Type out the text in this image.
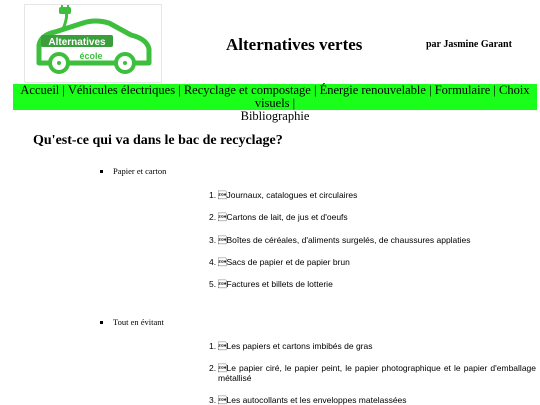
Alternatives
école
Alternatives vertes	par Jasmine Garant
Accueil | Véhicules électriques | Recyclage et compostage | Énergie renouvelable | Formulaire | Choix visuels |
Bibliographie
Qu'est-ce qui va dans le bac de recyclage?
Papier et carton
1. Journaux, catalogues et circulaires
2. Cartons de lait, de jus et d'oeufs
3. Boîtes de céréales, d'aliments surgelés, de chaussures applaties
4. Sacs de papier et de papier brun
5. Factures et billets de lotterie
Tout en évitant
1. Les papiers et cartons imbibés de gras
2. Le papier ciré, le papier peint, le papier photographique et le papier d'emballage métallisé
3. Les autocollants et les enveloppes matelassées
